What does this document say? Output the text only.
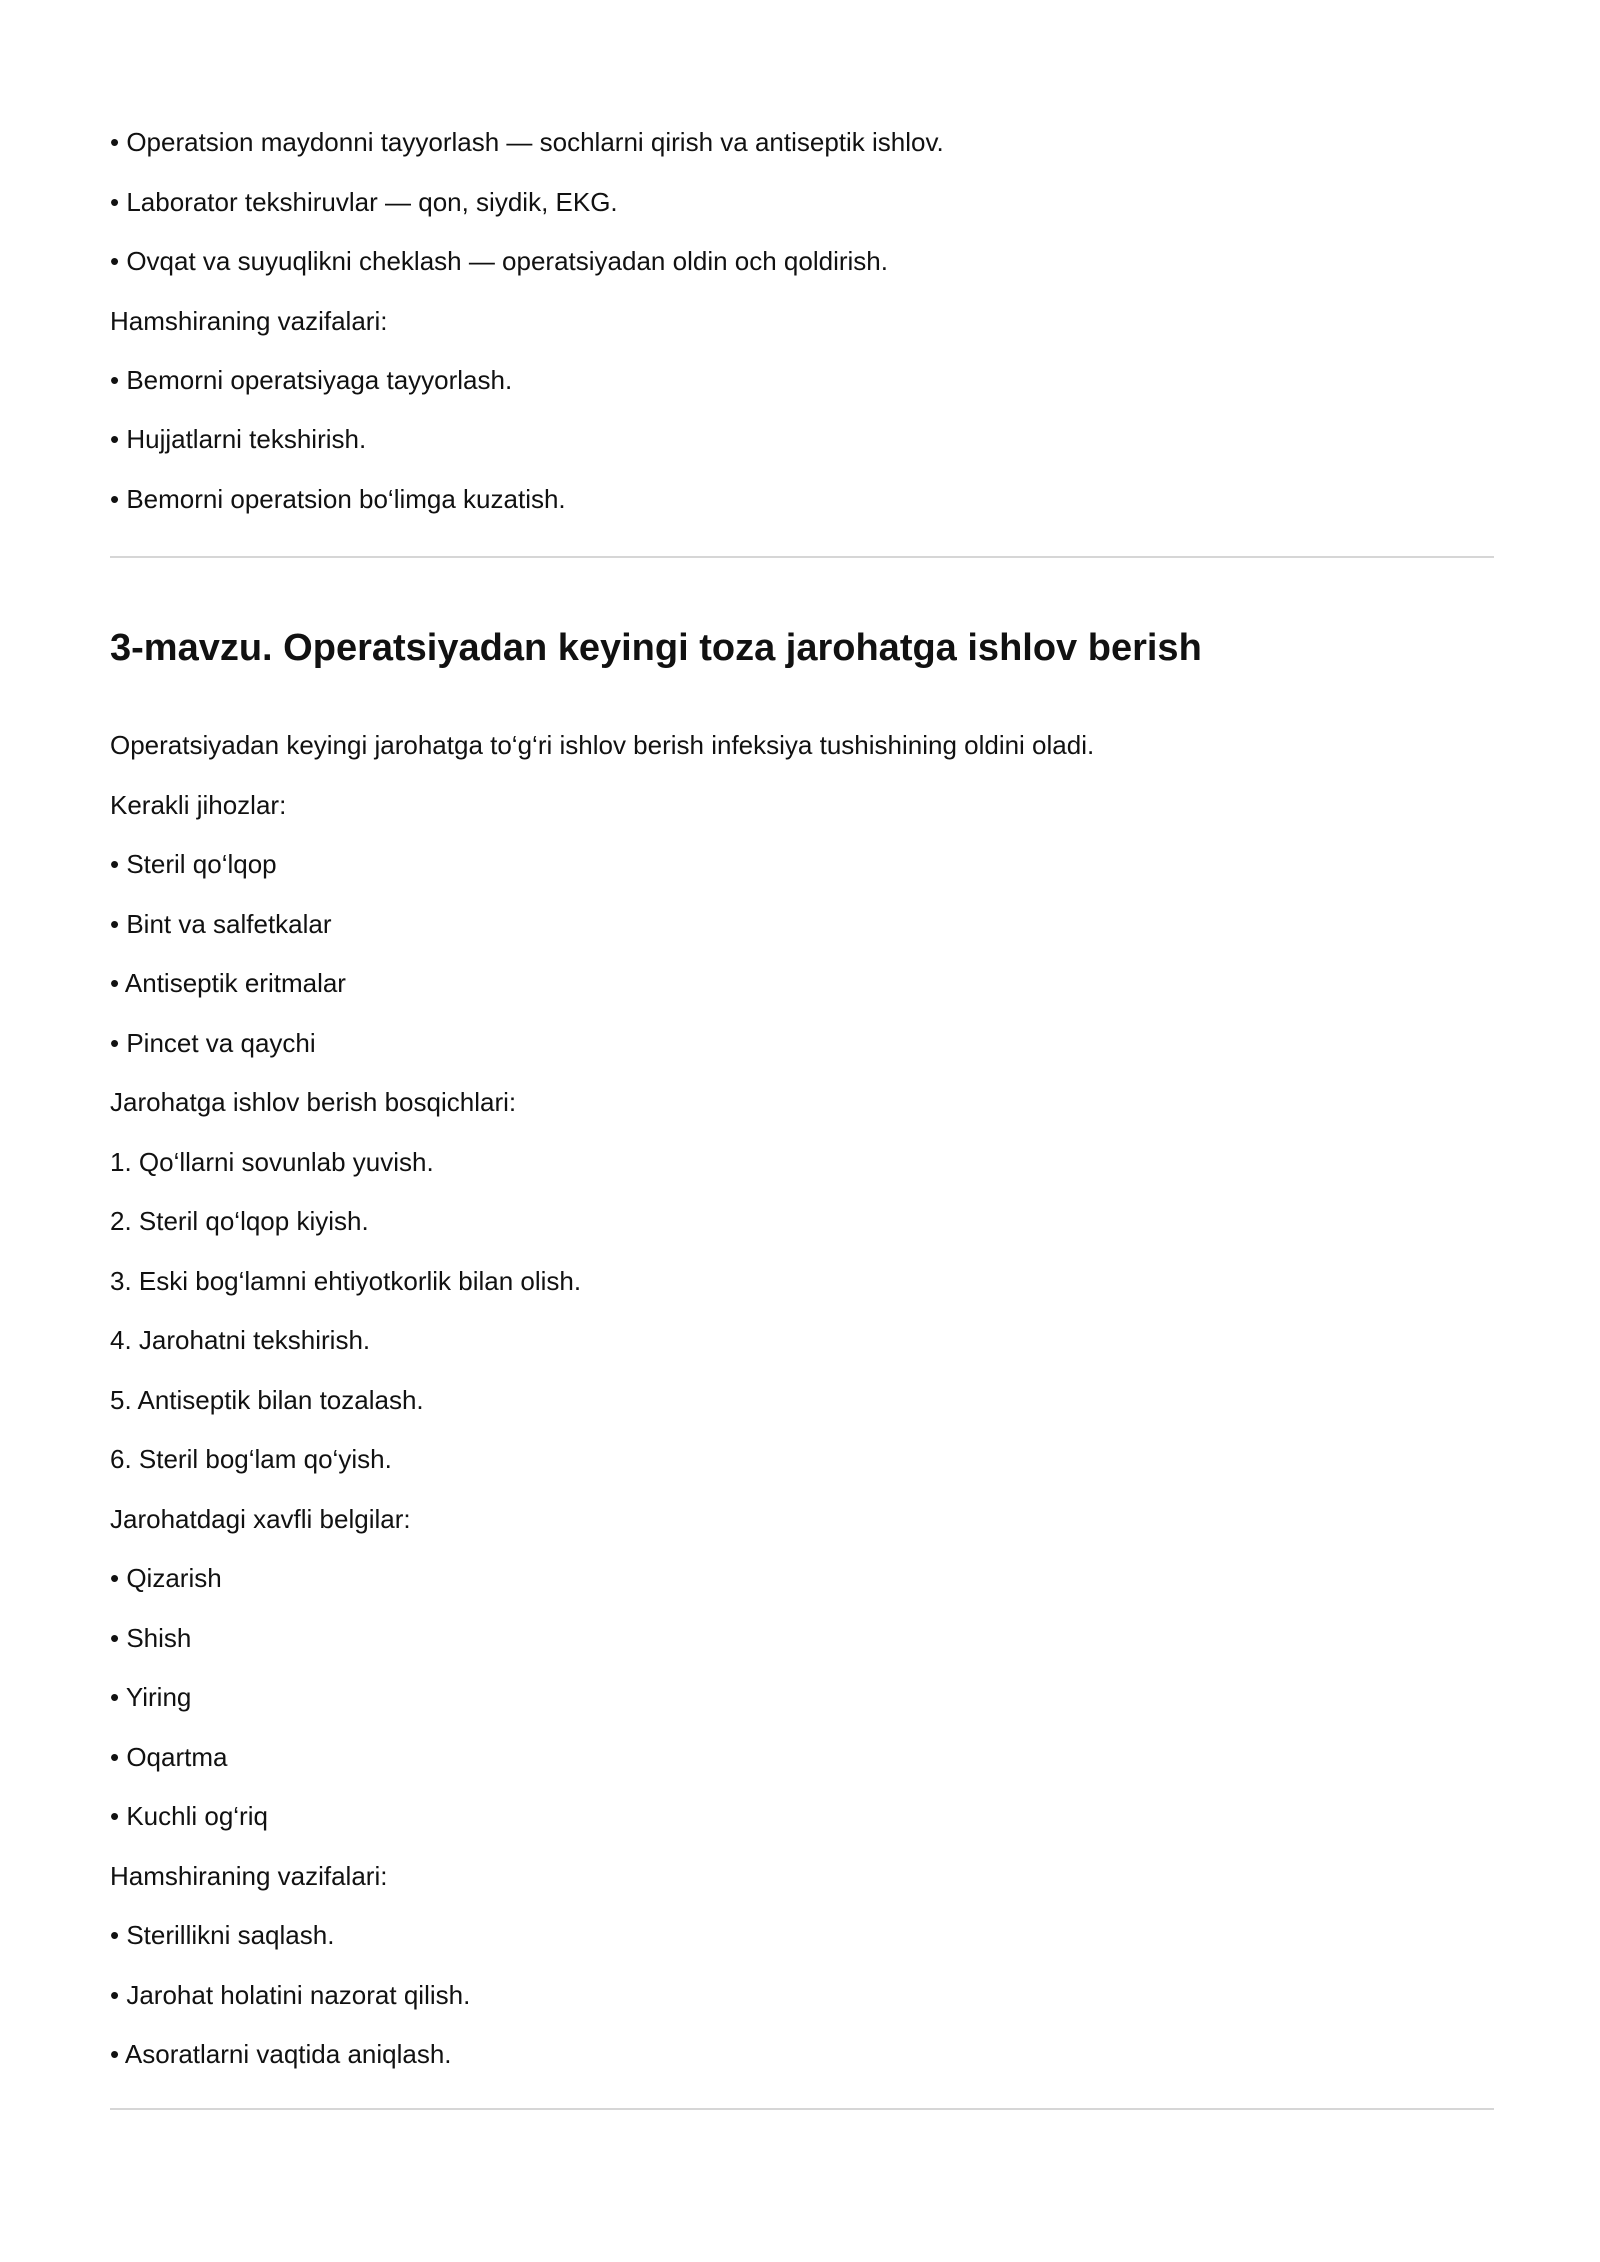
• Operatsion maydonni tayyorlash — sochlarni qirish va antiseptik ishlov.
• Laborator tekshiruvlar — qon, siydik, EKG.
• Ovqat va suyuqlikni cheklash — operatsiyadan oldin och qoldirish.
Hamshiraning vazifalari:
• Bemorni operatsiyaga tayyorlash.
• Hujjatlarni tekshirish.
• Bemorni operatsion bo‘limga kuzatish.
3-mavzu. Operatsiyadan keyingi toza jarohatga ishlov berish
Operatsiyadan keyingi jarohatga to‘g‘ri ishlov berish infeksiya tushishining oldini oladi.
Kerakli jihozlar:
• Steril qo‘lqop
• Bint va salfetkalar
• Antiseptik eritmalar
• Pincet va qaychi
Jarohatga ishlov berish bosqichlari:
1. Qo‘llarni sovunlab yuvish.
2. Steril qo‘lqop kiyish.
3. Eski bog‘lamni ehtiyotkorlik bilan olish.
4. Jarohatni tekshirish.
5. Antiseptik bilan tozalash.
6. Steril bog‘lam qo‘yish.
Jarohatdagi xavfli belgilar:
• Qizarish
• Shish
• Yiring
• Oqartma
• Kuchli og‘riq
Hamshiraning vazifalari:
• Sterillikni saqlash.
• Jarohat holatini nazorat qilish.
• Asoratlarni vaqtida aniqlash.
